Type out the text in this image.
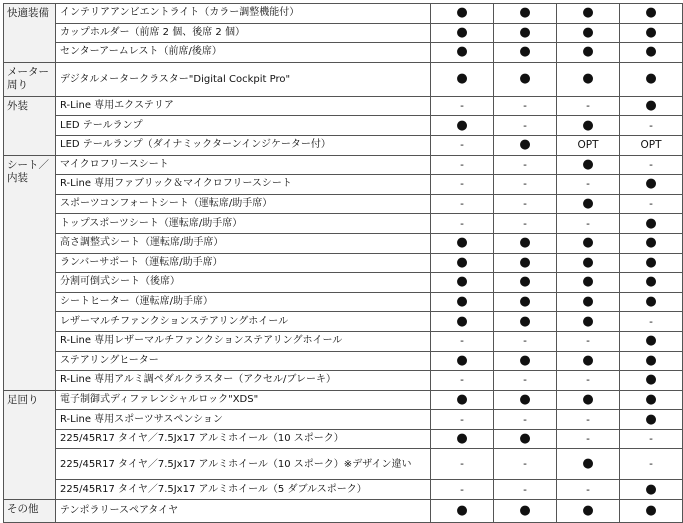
快適装備	インテリアアンビエントライト（カラー調整機能付）	●	●	●	●
	カップホルダー（前席 2 個、後席 2 個）	●	●	●	●
	センターアームレスト（前席/後席）	●	●	●	●
メーター周り	デジタルメータークラスター"Digital Cockpit Pro"	●	●	●	●
外装	R-Line 専用エクステリア	-	-	-	●
	LED テールランプ	●	-	●	-
	LED テールランプ（ダイナミックターンインジケーター付）	-	●	OPT	OPT
シート／内装	マイクロフリースシート	-	-	●	-
	R-Line 専用ファブリック＆マイクロフリースシート	-	-	-	●
	スポーツコンフォートシート（運転席/助手席）	-	-	●	-
	トップスポーツシート（運転席/助手席）	-	-	-	●
	高さ調整式シート（運転席/助手席）	●	●	●	●
	ランバーサポート（運転席/助手席）	●	●	●	●
	分割可倒式シート（後席）	●	●	●	●
	シートヒーター（運転席/助手席）	●	●	●	●
	レザーマルチファンクションステアリングホイール	●	●	●	-
	R-Line 専用レザーマルチファンクションステアリングホイール	-	-	-	●
	ステアリングヒーター	●	●	●	●
	R-Line 専用アルミ調ペダルクラスター（アクセル/ブレーキ）	-	-	-	●
足回り	電子制御式ディファレンシャルロック"XDS"	●	●	●	●
	R-Line 専用スポーツサスペンション	-	-	-	●
	225/45R17 タイヤ／7.5Jx17 アルミホイール（10 スポーク）	●	●	-	-
	225/45R17 タイヤ／7.5Jx17 アルミホイール（10 スポーク）※デザイン違い	-	-	●	-
	225/45R17 タイヤ／7.5Jx17 アルミホイール（5 ダブルスポーク）	-	-	-	●
その他	テンポラリースペアタイヤ	●	●	●	●
